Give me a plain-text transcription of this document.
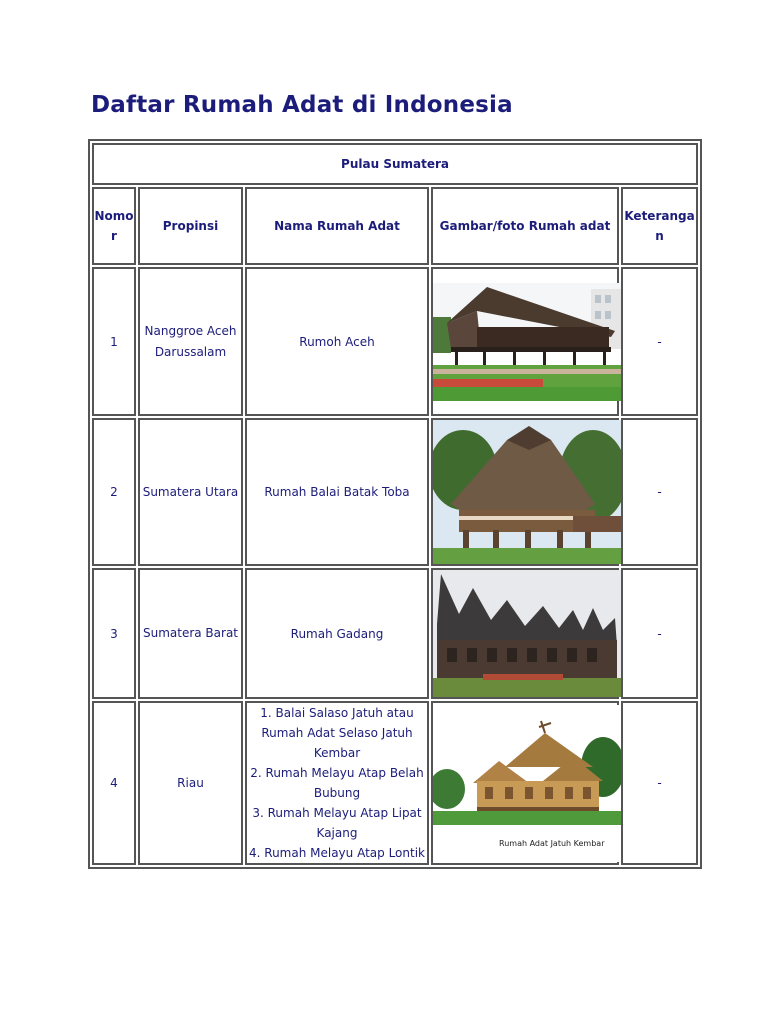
Daftar Rumah Adat di Indonesia
Pulau Sumatera				
Nomor	Propinsi	Nama Rumah Adat	Gambar/foto Rumah adat	Keterangan
1	Nanggroe Aceh Darussalam	Rumoh Aceh		-
2	Sumatera Utara	Rumah Balai Batak Toba		-
3	Sumatera Barat	Rumah Gadang		-
4	Riau	1. Balai Salaso Jatuh atau Rumah Adat Selaso Jatuh Kembar
2. Rumah Melayu Atap Belah Bubung
3. Rumah Melayu Atap Lipat Kajang
4. Rumah Melayu Atap Lontik	Rumah Adat Jatuh Kembar	-
